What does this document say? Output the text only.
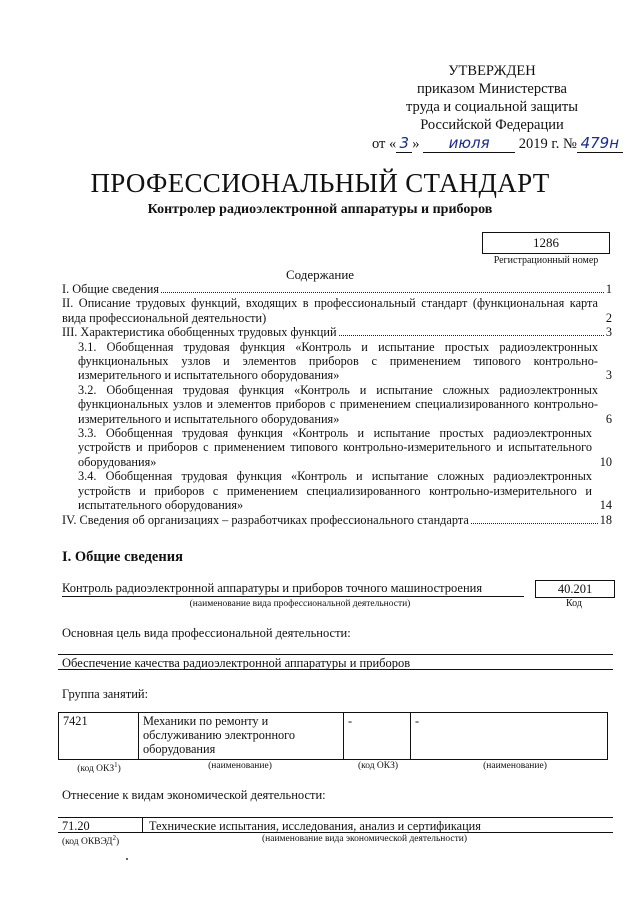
УТВЕРЖДЕН
приказом Министерства
труда и социальной защиты
Российской Федерации
от « 3 » июля 2019 г. № 479н
ПРОФЕССИОНАЛЬНЫЙ СТАНДАРТ
Контролер радиоэлектронной аппаратуры и приборов
1286
Регистрационный номер
Содержание
I. Общие сведения	1
II. Описание трудовых функций, входящих в профессиональный стандарт (функциональная карта вида профессиональной деятельности)	2
III. Характеристика обобщенных трудовых функций	3
3.1. Обобщенная трудовая функция «Контроль и испытание простых радиоэлектронных функциональных узлов и элементов приборов с применением типового контрольно-измерительного и испытательного оборудования»	3
3.2. Обобщенная трудовая функция «Контроль и испытание сложных радиоэлектронных функциональных узлов и элементов приборов с применением специализированного контрольно-измерительного и испытательного оборудования»	6
3.3. Обобщенная трудовая функция «Контроль и испытание простых радиоэлектронных устройств и приборов с применением типового контрольно-измерительного и испытательного оборудования»	10
3.4. Обобщенная трудовая функция «Контроль и испытание сложных радиоэлектронных устройств и приборов с применением специализированного контрольно-измерительного и испытательного оборудования»	14
IV. Сведения об организациях – разработчиках профессионального стандарта	18
I. Общие сведения
Контроль радиоэлектронной аппаратуры и приборов точного машиностроения	40.201
(наименование вида профессиональной деятельности)	Код
Основная цель вида профессиональной деятельности:
Обеспечение качества радиоэлектронной аппаратуры и приборов
Группа занятий:
7421	Механики по ремонту и обслуживанию электронного оборудования	-	-
(код ОКЗ$^1$)	(наименование)	(код ОКЗ)	(наименование)
Отнесение к видам экономической деятельности:
71.20	Технические испытания, исследования, анализ и сертификация
(код ОКВЭД$^2$)	(наименование вида экономической деятельности)
